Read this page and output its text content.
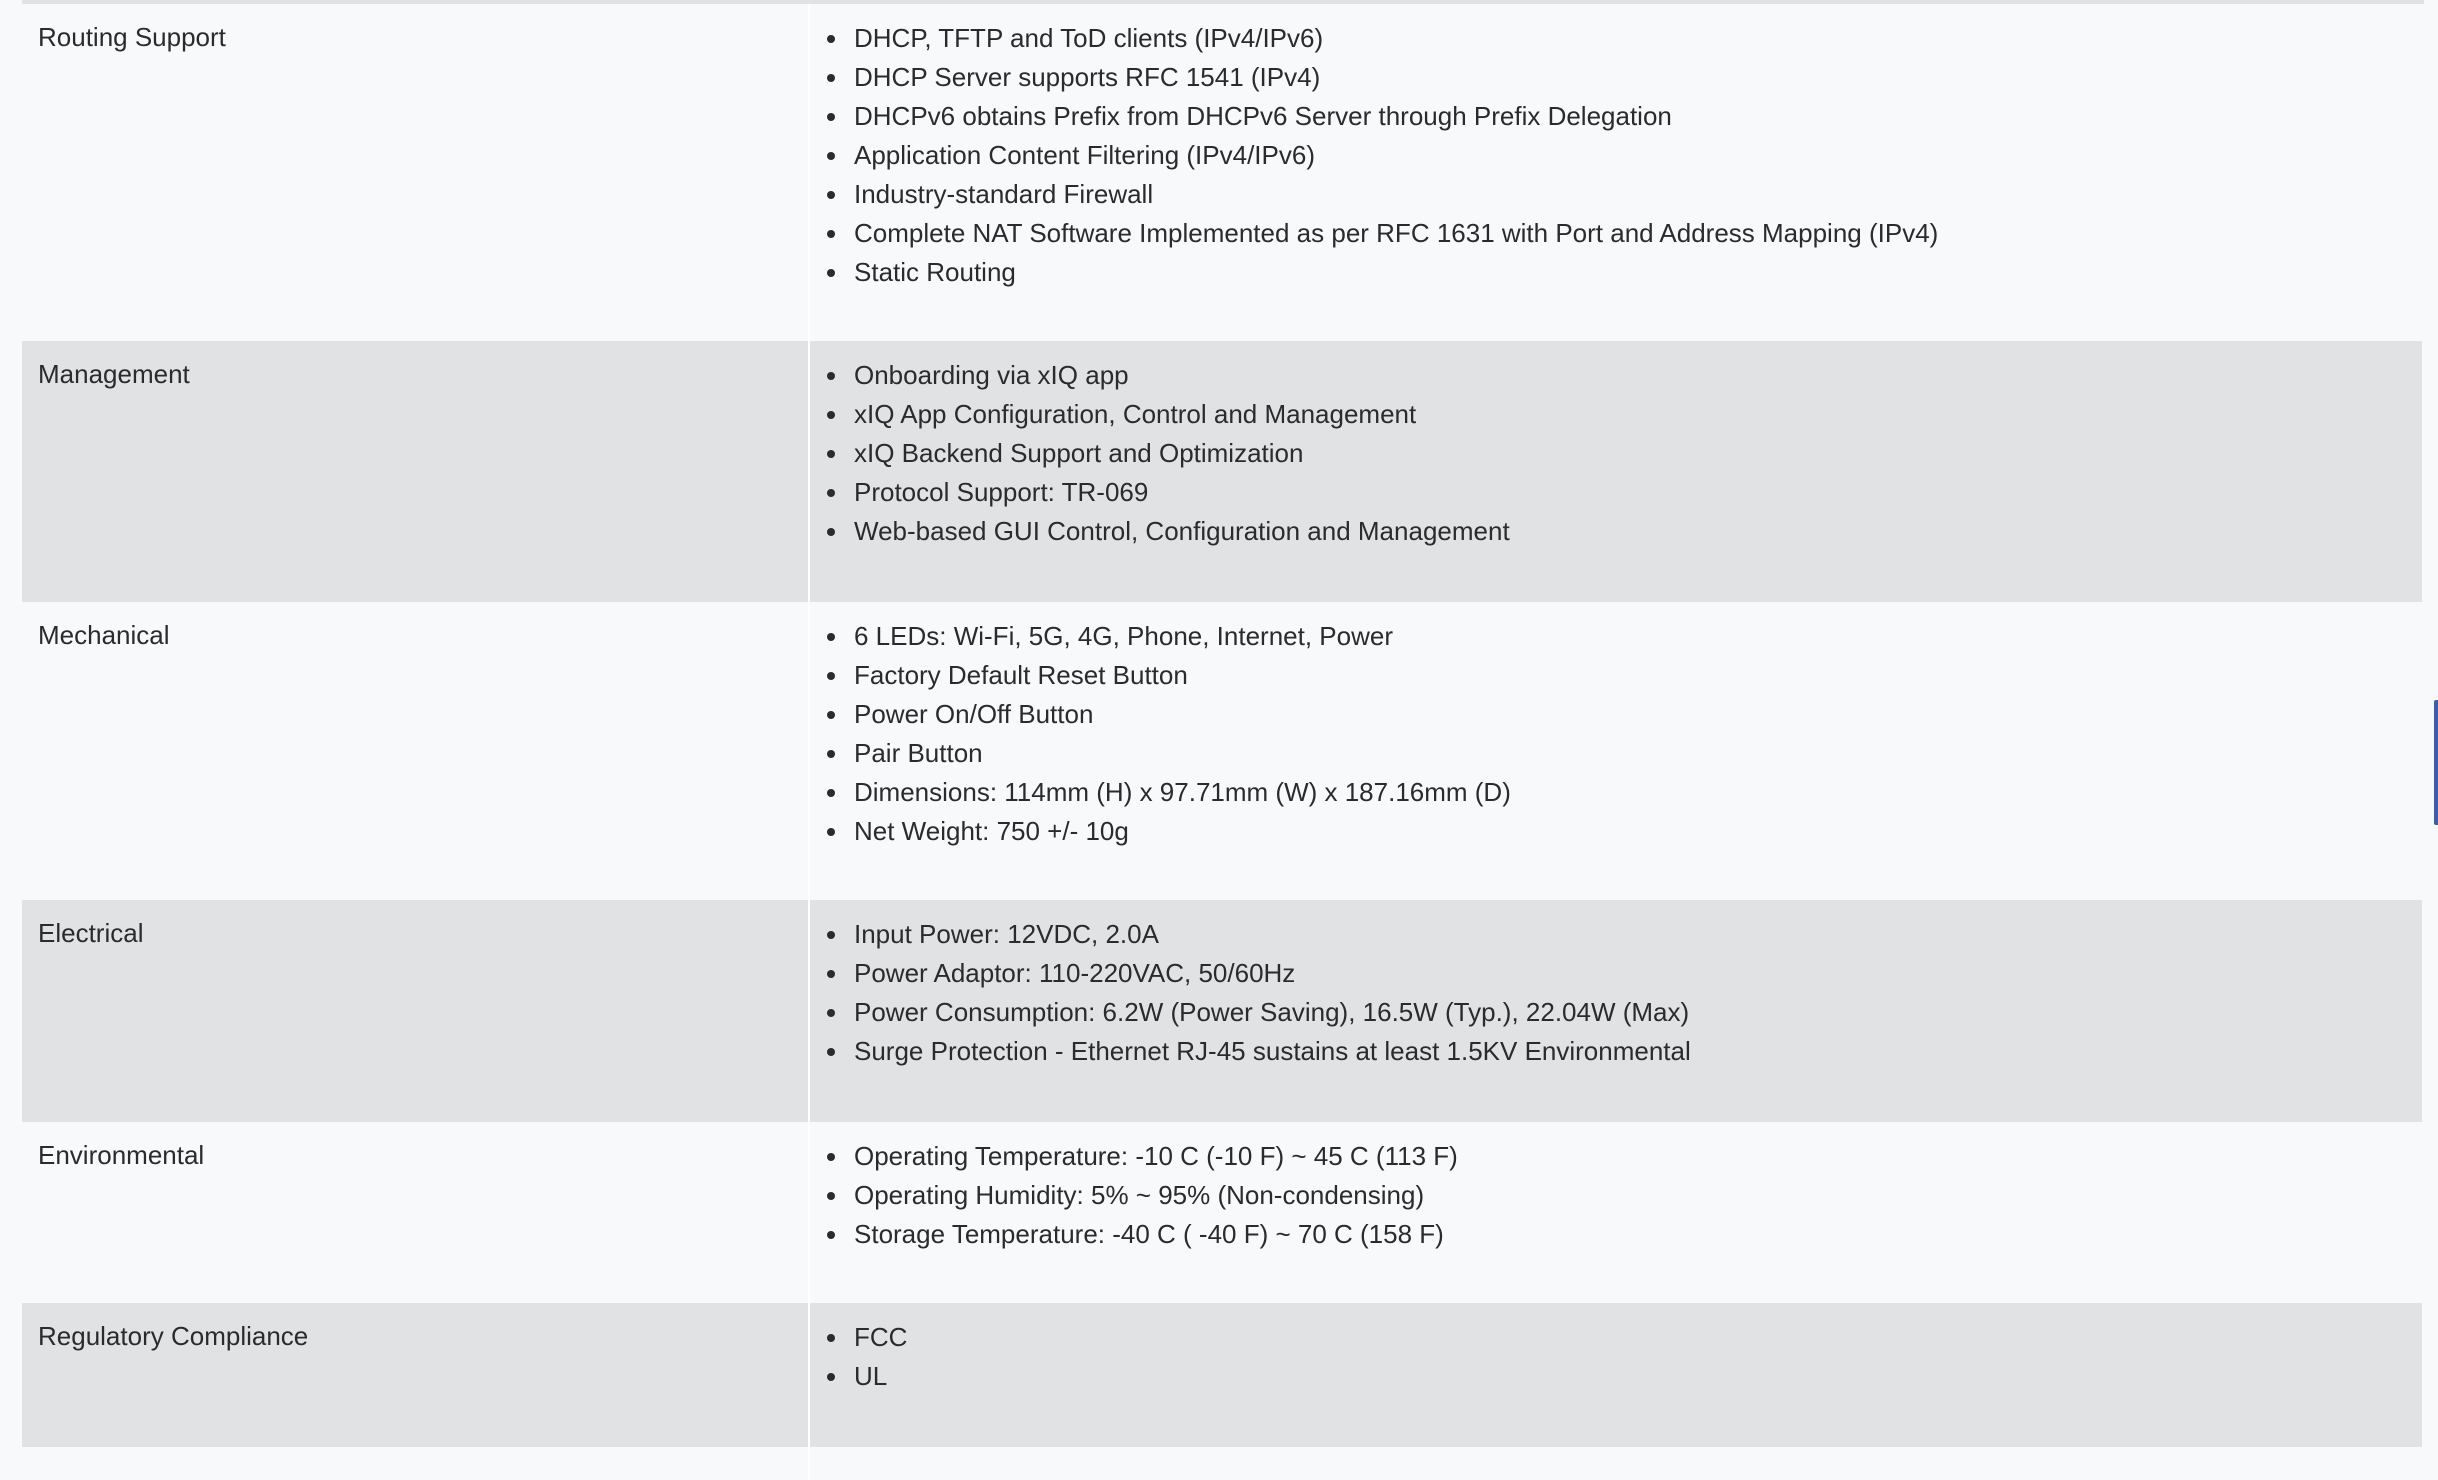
Routing Support	• DHCP, TFTP and ToD clients (IPv4/IPv6)
• DHCP Server supports RFC 1541 (IPv4)
• DHCPv6 obtains Prefix from DHCPv6 Server through Prefix Delegation
• Application Content Filtering (IPv4/IPv6)
• Industry-standard Firewall
• Complete NAT Software Implemented as per RFC 1631 with Port and Address Mapping (IPv4)
• Static Routing
Management	• Onboarding via xIQ app
• xIQ App Configuration, Control and Management
• xIQ Backend Support and Optimization
• Protocol Support: TR-069
• Web-based GUI Control, Configuration and Management
Mechanical	• 6 LEDs: Wi-Fi, 5G, 4G, Phone, Internet, Power
• Factory Default Reset Button
• Power On/Off Button
• Pair Button
• Dimensions: 114mm (H) x 97.71mm (W) x 187.16mm (D)
• Net Weight: 750 +/- 10g
Electrical	• Input Power: 12VDC, 2.0A
• Power Adaptor: 110-220VAC, 50/60Hz
• Power Consumption: 6.2W (Power Saving), 16.5W (Typ.), 22.04W (Max)
• Surge Protection - Ethernet RJ-45 sustains at least 1.5KV Environmental
Environmental	• Operating Temperature: -10 C (-10 F) ~ 45 C (113 F)
• Operating Humidity: 5% ~ 95% (Non-condensing)
• Storage Temperature: -40 C ( -40 F) ~ 70 C (158 F)
Regulatory Compliance	• FCC
• UL
